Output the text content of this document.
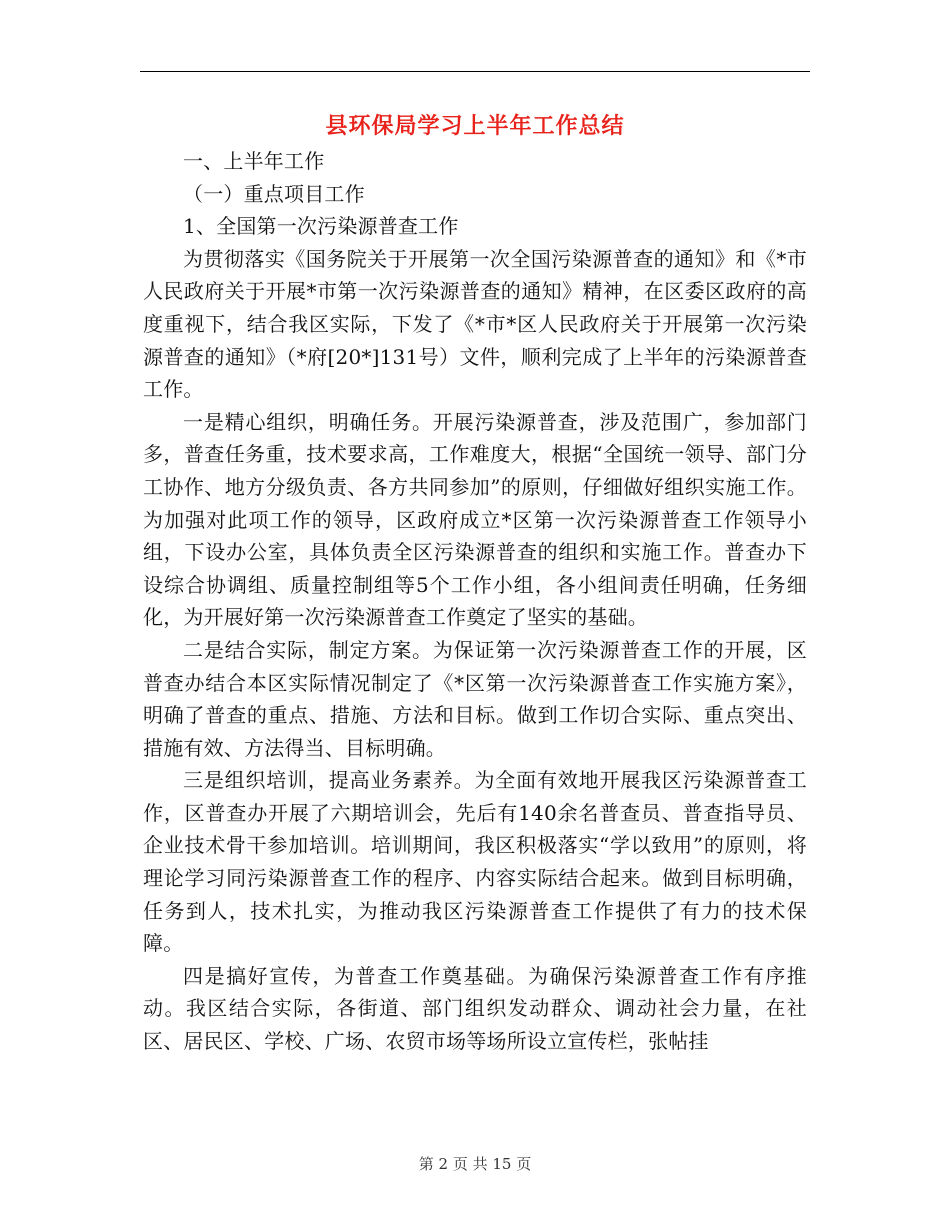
县环保局学习上半年工作总结

一、上半年工作

（一）重点项目工作

1、全国第一次污染源普查工作

为贯彻落实《国务院关于开展第一次全国污染源普查的通知》和《*市人民政府关于开展*市第一次污染源普查的通知》精神，在区委区政府的高度重视下，结合我区实际，下发了《*市*区人民政府关于开展第一次污染源普查的通知》（*府[20*]131号）文件，顺利完成了上半年的污染源普查工作。

一是精心组织，明确任务。开展污染源普查，涉及范围广，参加部门多，普查任务重，技术要求高，工作难度大，根据“全国统一领导、部门分工协作、地方分级负责、各方共同参加”的原则，仔细做好组织实施工作。为加强对此项工作的领导，区政府成立*区第一次污染源普查工作领导小组，下设办公室，具体负责全区污染源普查的组织和实施工作。普查办下设综合协调组、质量控制组等5个工作小组，各小组间责任明确，任务细化，为开展好第一次污染源普查工作奠定了坚实的基础。

二是结合实际，制定方案。为保证第一次污染源普查工作的开展，区普查办结合本区实际情况制定了《*区第一次污染源普查工作实施方案》，明确了普查的重点、措施、方法和目标。做到工作切合实际、重点突出、措施有效、方法得当、目标明确。

三是组织培训，提高业务素养。为全面有效地开展我区污染源普查工作，区普查办开展了六期培训会，先后有140余名普查员、普查指导员、企业技术骨干参加培训。培训期间，我区积极落实“学以致用”的原则，将理论学习同污染源普查工作的程序、内容实际结合起来。做到目标明确，任务到人，技术扎实，为推动我区污染源普查工作提供了有力的技术保障。

四是搞好宣传，为普查工作奠基础。为确保污染源普查工作有序推动。我区结合实际，各街道、部门组织发动群众、调动社会力量，在社区、居民区、学校、广场、农贸市场等场所设立宣传栏，张帖挂

第 2 页 共 15 页
